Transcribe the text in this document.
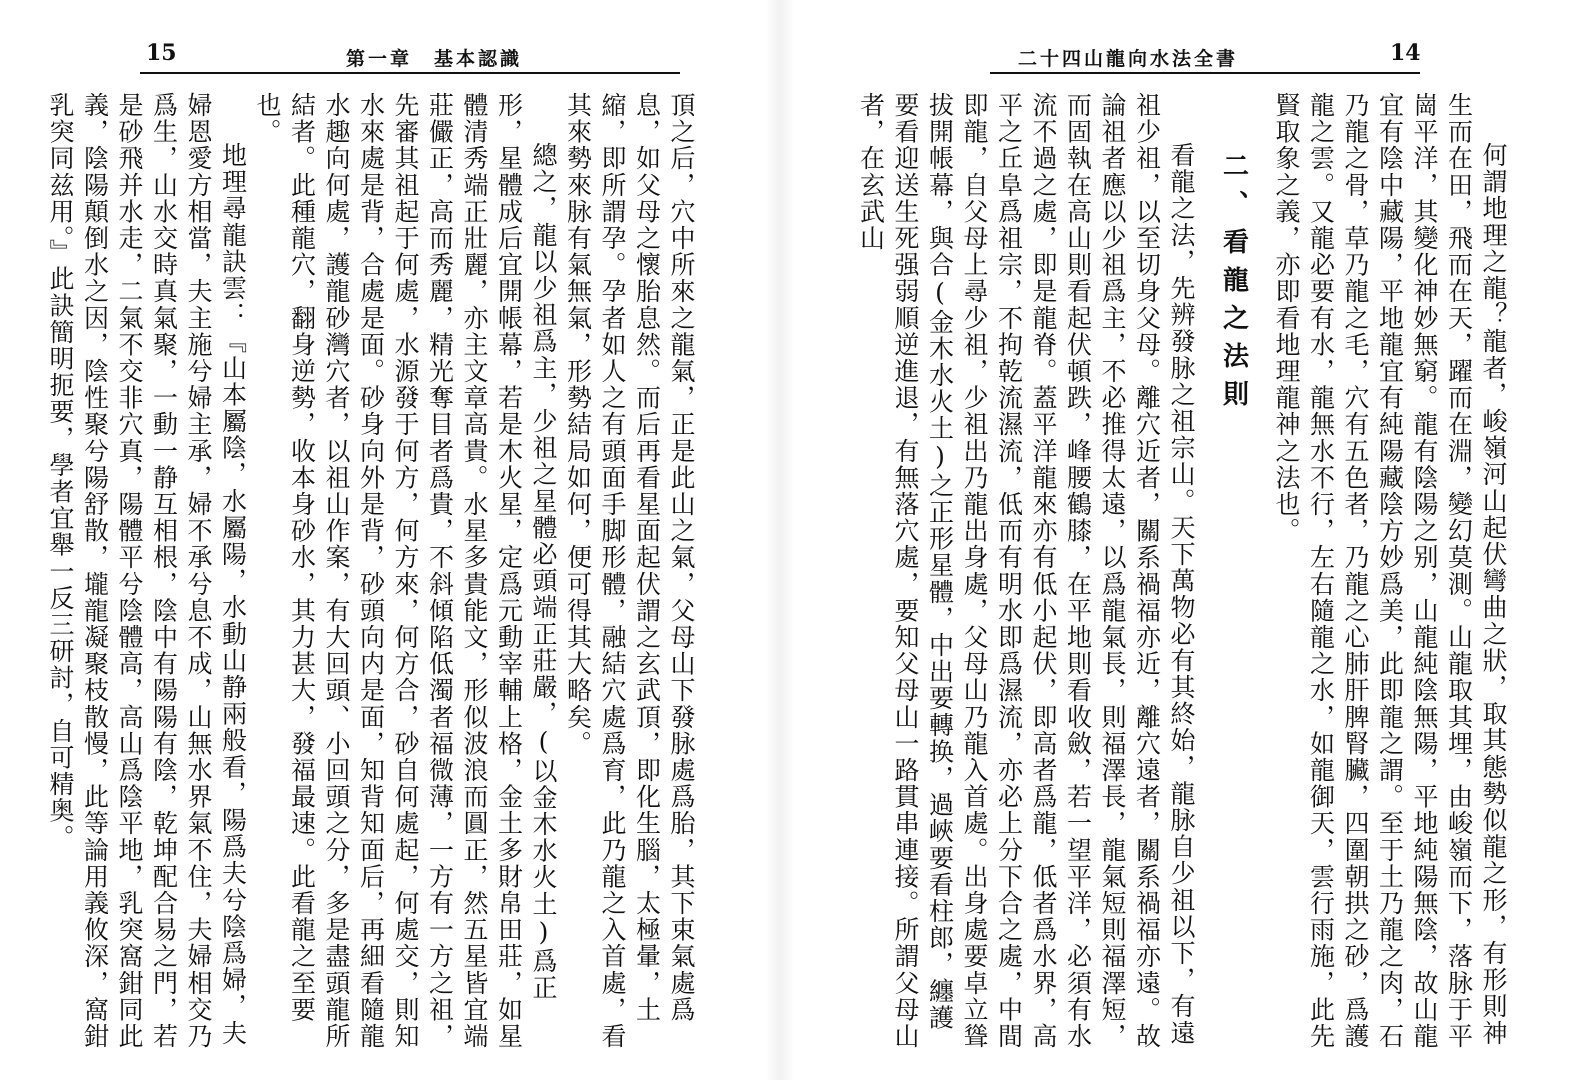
15	第一章　基本認識

頂之后，穴中所來之龍氣，正是此山之氣，父母山下發脉處爲胎，其下束氣處爲息，如父母之懷胎息然。而后再看星面起伏謂之玄武頂，即化生腦，太極暈，土縮，即所謂孕。孕者如人之有頭面手脚形體，融結穴處爲育，此乃龍之入首處，看其來勢來脉有氣無氣，形勢結局如何，便可得其大略矣。

總之，龍以少祖爲主，少祖之星體必頭端正莊嚴，(以金木水火土)爲正形，星體成后宜開帳幕，若是木火星，定爲元動宰輔上格，金土多財帛田莊，如星體清秀端正壯麗，亦主文章高貴。水星多貴能文，形似波浪而圓正，然五星皆宜端莊儼正，高而秀麗，精光奪目者爲貴，不斜傾陷低濁者福微薄，一方有一方之祖，先審其祖起于何處，水源發于何方，何方來，何方合，砂自何處起，何處交，則知水來處是背，合處是面。砂身向外是背，砂頭向内是面，知背知面后，再細看隨龍水趣向何處，護龍砂灣穴者，以祖山作案，有大回頭、小回頭之分，多是盡頭龍所結者。此種龍穴，翻身逆勢，收本身砂水，其力甚大，發福最速。此看龍之至要也。

地理尋龍訣雲：『山本屬陰，水屬陽，水動山静兩般看，陽爲夫兮陰爲婦，夫婦恩愛方相當，夫主施兮婦主承，婦不承兮息不成，山無水界氣不住，夫婦相交乃爲生，山水交時真氣聚，一動一静互相根，陰中有陽陽有陰，乾坤配合易之門，若是砂飛并水走，二氣不交非穴真，陽體平兮陰體高，高山爲陰平地，乳突窩鉗同此義，陰陽顛倒水之因，陰性聚兮陽舒散，壠龍凝聚枝散慢，此等論用義攸深，窩鉗乳突同兹用。』此訣簡明扼要，學者宜舉一反三研討，自可精奥。

14
二十四山龍向水法全書

何謂地理之龍？龍者，峻嶺河山起伏彎曲之狀，取其態勢似龍之形，有形則神生而在田，飛而在天，躍而在淵，變幻莫測。山龍取其埋，由峻嶺而下，落脉于平崗平洋，其變化神妙無窮。龍有陰陽之别，山龍純陰無陽，平地純陽無陰，故山龍宜有陰中藏陽，平地龍宜有純陽藏陰方妙爲美，此即龍之謂。至于土乃龍之肉，石乃龍之骨，草乃龍之毛，穴有五色者，乃龍之心肺肝脾腎臟，四圍朝拱之砂，爲護龍之雲。又龍必要有水，龍無水不行，左右隨龍之水，如龍御天，雲行雨施，此先賢取象之義，亦即看地理龍神之法也。

二、看龍之法則

看龍之法，先辨發脉之祖宗山。天下萬物必有其終始，龍脉自少祖以下，有遠祖少祖，以至切身父母。離穴近者，關系禍福亦近，離穴遠者，關系禍福亦遠。故論祖者應以少祖爲主，不必推得太遠，以爲龍氣長，則福澤長，龍氣短則福澤短，而固執在高山則看起伏頓跌，峰腰鶴膝，在平地則看收斂，若一望平洋，必須有水流不過之處，即是龍脊。蓋平洋龍來亦有低小起伏，即高者爲龍，低者爲水界，高平之丘阜爲祖宗，不拘乾流濕流，低而有明水即爲濕流，亦必上分下合之處，中間即龍，自父母上尋少祖，少祖出乃龍出身處，父母山乃龍入首處。出身處要卓立聳拔開帳幕，與合(金木水火土)之正形星體，中出要轉换，過峽要看柱郎，纏護要看迎送生死强弱順逆進退，有無落穴處，要知父母山一路貫串連接。所謂父母山者，在玄武山
